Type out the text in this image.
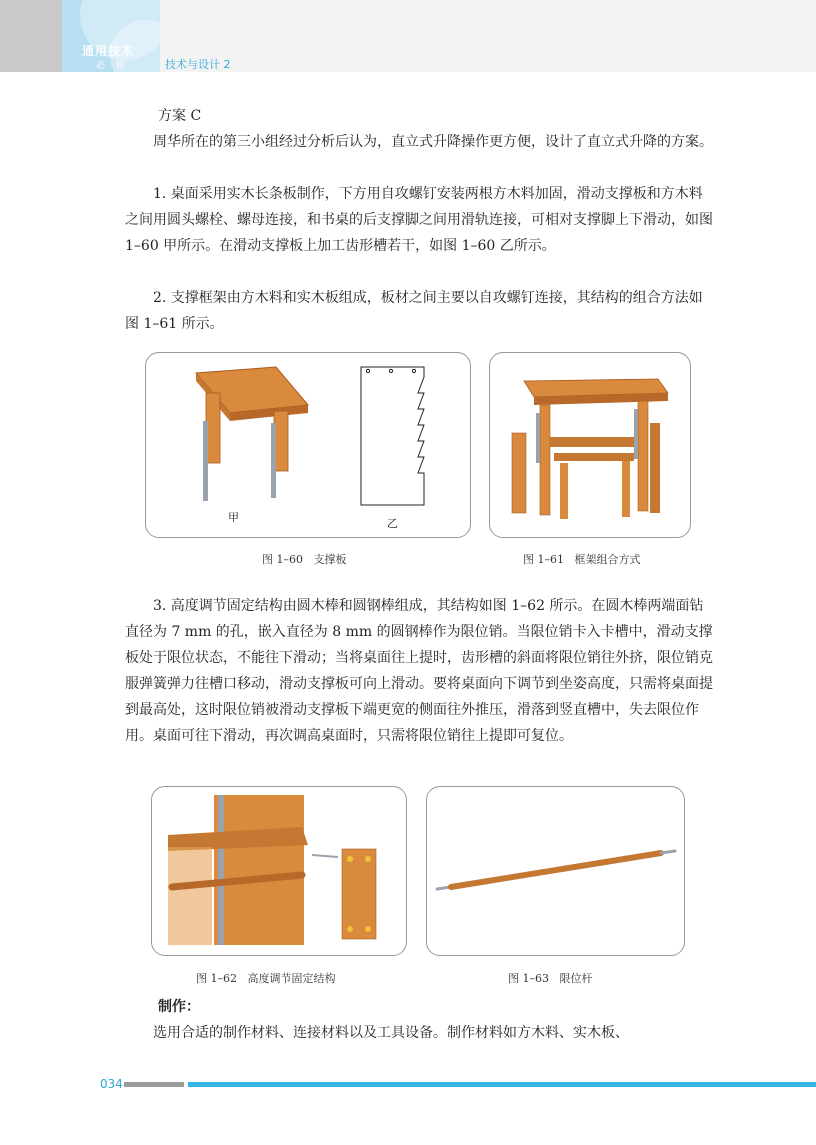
通用技术
必 修	技术与设计 2

方案 C

周华所在的第三小组经过分析后认为，直立式升降操作更方便，设计了直立式升降的方案。

1. 桌面采用实木长条板制作，下方用自攻螺钉安装两根方木料加固，滑动支撑板和方木料之间用圆头螺栓、螺母连接，和书桌的后支撑脚之间用滑轨连接，可相对支撑脚上下滑动，如图 1–60 甲所示。在滑动支撑板上加工齿形槽若干，如图 1–60 乙所示。

2. 支撑框架由方木料和实木板组成，板材之间主要以自攻螺钉连接，其结构的组合方法如图 1–61 所示。

甲	乙
图 1–60   支撑板	图 1–61   框架组合方式

3. 高度调节固定结构由圆木棒和圆钢棒组成，其结构如图 1–62 所示。在圆木棒两端面钻直径为 7 mm 的孔，嵌入直径为 8 mm 的圆钢棒作为限位销。当限位销卡入卡槽中，滑动支撑板处于限位状态，不能往下滑动；当将桌面往上提时，齿形槽的斜面将限位销往外挤，限位销克服弹簧弹力往槽口移动，滑动支撑板可向上滑动。要将桌面向下调节到坐姿高度，只需将桌面提到最高处，这时限位销被滑动支撑板下端更宽的侧面往外推压，滑落到竖直槽中，失去限位作用。桌面可往下滑动，再次调高桌面时，只需将限位销往上提即可复位。

图 1–62   高度调节固定结构	图 1–63   限位杆
制作：

选用合适的制作材料、连接材料以及工具设备。制作材料如方木料、实木板、

034
